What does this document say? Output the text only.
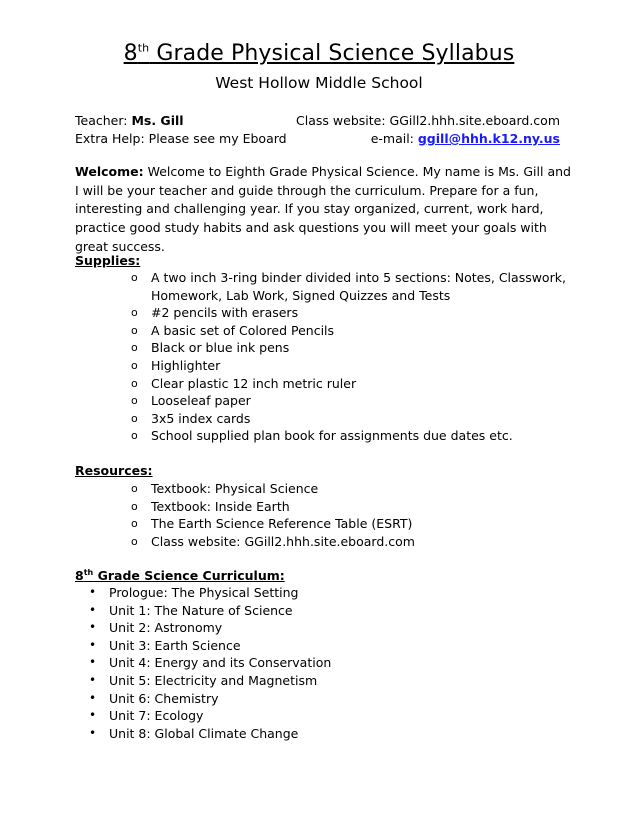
8th Grade Physical Science Syllabus
West Hollow Middle School
Teacher: Ms. Gill	Class website: GGill2.hhh.site.eboard.com
Extra Help: Please see my Eboard	e-mail: ggill@hhh.k12.ny.us
Welcome: Welcome to Eighth Grade Physical Science. My name is Ms. Gill and I will be your teacher and guide through the curriculum. Prepare for a fun, interesting and challenging year. If you stay organized, current, work hard, practice good study habits and ask questions you will meet your goals with great success.
Supplies:
o A two inch 3-ring binder divided into 5 sections: Notes, Classwork, Homework, Lab Work, Signed Quizzes and Tests
o #2 pencils with erasers
o A basic set of Colored Pencils
o Black or blue ink pens
o Highlighter
o Clear plastic 12 inch metric ruler
o Looseleaf paper
o 3x5 index cards
o School supplied plan book for assignments due dates etc.
Resources:
o Textbook: Physical Science
o Textbook: Inside Earth
o The Earth Science Reference Table (ESRT)
o Class website: GGill2.hhh.site.eboard.com
8th Grade Science Curriculum:
• Prologue: The Physical Setting
• Unit 1: The Nature of Science
• Unit 2: Astronomy
• Unit 3: Earth Science
• Unit 4: Energy and its Conservation
• Unit 5: Electricity and Magnetism
• Unit 6: Chemistry
• Unit 7: Ecology
• Unit 8: Global Climate Change
